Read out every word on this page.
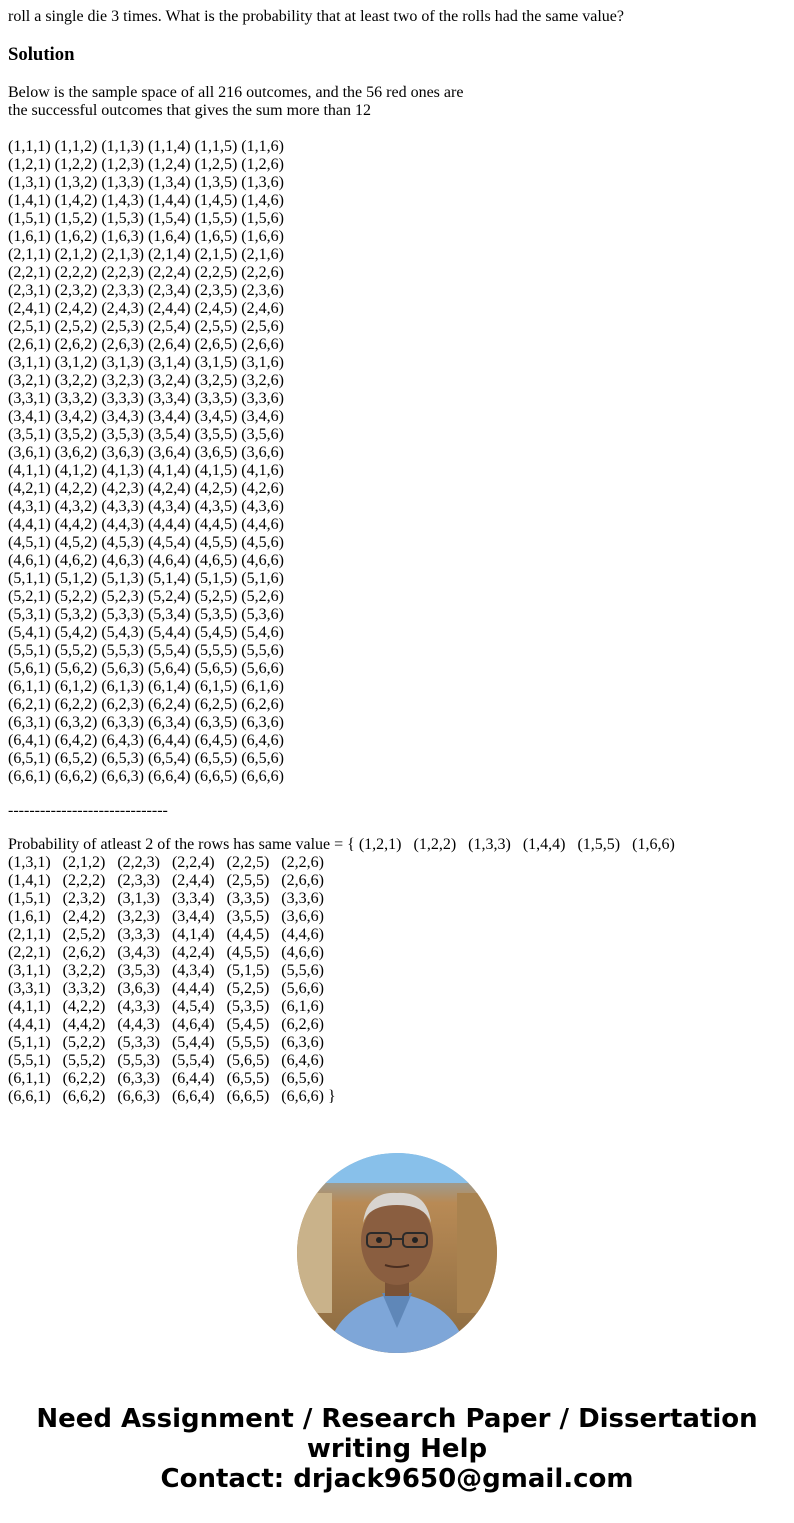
roll a single die 3 times. What is the probability that at least two of the rolls had the same value?

Solution
Below is the sample space of all 216 outcomes, and the 56 red ones are the successful outcomes that gives the sum more than 12
(1,1,1) (1,1,2) (1,1,3) (1,1,4) (1,1,5) (1,1,6)
(1,2,1) (1,2,2) (1,2,3) (1,2,4) (1,2,5) (1,2,6)
(1,3,1) (1,3,2) (1,3,3) (1,3,4) (1,3,5) (1,3,6)
(1,4,1) (1,4,2) (1,4,3) (1,4,4) (1,4,5) (1,4,6)
(1,5,1) (1,5,2) (1,5,3) (1,5,4) (1,5,5) (1,5,6)
(1,6,1) (1,6,2) (1,6,3) (1,6,4) (1,6,5) (1,6,6)
(2,1,1) (2,1,2) (2,1,3) (2,1,4) (2,1,5) (2,1,6)
(2,2,1) (2,2,2) (2,2,3) (2,2,4) (2,2,5) (2,2,6)
(2,3,1) (2,3,2) (2,3,3) (2,3,4) (2,3,5) (2,3,6)
(2,4,1) (2,4,2) (2,4,3) (2,4,4) (2,4,5) (2,4,6)
(2,5,1) (2,5,2) (2,5,3) (2,5,4) (2,5,5) (2,5,6)
(2,6,1) (2,6,2) (2,6,3) (2,6,4) (2,6,5) (2,6,6)
(3,1,1) (3,1,2) (3,1,3) (3,1,4) (3,1,5) (3,1,6)
(3,2,1) (3,2,2) (3,2,3) (3,2,4) (3,2,5) (3,2,6)
(3,3,1) (3,3,2) (3,3,3) (3,3,4) (3,3,5) (3,3,6)
(3,4,1) (3,4,2) (3,4,3) (3,4,4) (3,4,5) (3,4,6)
(3,5,1) (3,5,2) (3,5,3) (3,5,4) (3,5,5) (3,5,6)
(3,6,1) (3,6,2) (3,6,3) (3,6,4) (3,6,5) (3,6,6)
(4,1,1) (4,1,2) (4,1,3) (4,1,4) (4,1,5) (4,1,6)
(4,2,1) (4,2,2) (4,2,3) (4,2,4) (4,2,5) (4,2,6)
(4,3,1) (4,3,2) (4,3,3) (4,3,4) (4,3,5) (4,3,6)
(4,4,1) (4,4,2) (4,4,3) (4,4,4) (4,4,5) (4,4,6)
(4,5,1) (4,5,2) (4,5,3) (4,5,4) (4,5,5) (4,5,6)
(4,6,1) (4,6,2) (4,6,3) (4,6,4) (4,6,5) (4,6,6)
(5,1,1) (5,1,2) (5,1,3) (5,1,4) (5,1,5) (5,1,6)
(5,2,1) (5,2,2) (5,2,3) (5,2,4) (5,2,5) (5,2,6)
(5,3,1) (5,3,2) (5,3,3) (5,3,4) (5,3,5) (5,3,6)
(5,4,1) (5,4,2) (5,4,3) (5,4,4) (5,4,5) (5,4,6)
(5,5,1) (5,5,2) (5,5,3) (5,5,4) (5,5,5) (5,5,6)
(5,6,1) (5,6,2) (5,6,3) (5,6,4) (5,6,5) (5,6,6)
(6,1,1) (6,1,2) (6,1,3) (6,1,4) (6,1,5) (6,1,6)
(6,2,1) (6,2,2) (6,2,3) (6,2,4) (6,2,5) (6,2,6)
(6,3,1) (6,3,2) (6,3,3) (6,3,4) (6,3,5) (6,3,6)
(6,4,1) (6,4,2) (6,4,3) (6,4,4) (6,4,5) (6,4,6)
(6,5,1) (6,5,2) (6,5,3) (6,5,4) (6,5,5) (6,5,6)
(6,6,1) (6,6,2) (6,6,3) (6,6,4) (6,6,5) (6,6,6)
------------------------------
Probability of atleast 2 of the rows has same value = { (1,2,1)   (1,2,2)   (1,3,3)   (1,4,4)   (1,5,5)   (1,6,6)
(1,3,1)   (2,1,2)   (2,2,3)   (2,2,4)   (2,2,5)   (2,2,6)
(1,4,1)   (2,2,2)   (2,3,3)   (2,4,4)   (2,5,5)   (2,6,6)
(1,5,1)   (2,3,2)   (3,1,3)   (3,3,4)   (3,3,5)   (3,3,6)
(1,6,1)   (2,4,2)   (3,2,3)   (3,4,4)   (3,5,5)   (3,6,6)
(2,1,1)   (2,5,2)   (3,3,3)   (4,1,4)   (4,4,5)   (4,4,6)
(2,2,1)   (2,6,2)   (3,4,3)   (4,2,4)   (4,5,5)   (4,6,6)
(3,1,1)   (3,2,2)   (3,5,3)   (4,3,4)   (5,1,5)   (5,5,6)
(3,3,1)   (3,3,2)   (3,6,3)   (4,4,4)   (5,2,5)   (5,6,6)
(4,1,1)   (4,2,2)   (4,3,3)   (4,5,4)   (5,3,5)   (6,1,6)
(4,4,1)   (4,4,2)   (4,4,3)   (4,6,4)   (5,4,5)   (6,2,6)
(5,1,1)   (5,2,2)   (5,3,3)   (5,4,4)   (5,5,5)   (6,3,6)
(5,5,1)   (5,5,2)   (5,5,3)   (5,5,4)   (5,6,5)   (6,4,6)
(6,1,1)   (6,2,2)   (6,3,3)   (6,4,4)   (6,5,5)   (6,5,6)
(6,6,1)   (6,6,2)   (6,6,3)   (6,6,4)   (6,6,5)   (6,6,6) }
Need Assignment / Research Paper / Dissertation
writing Help
Contact: drjack9650@gmail.com
